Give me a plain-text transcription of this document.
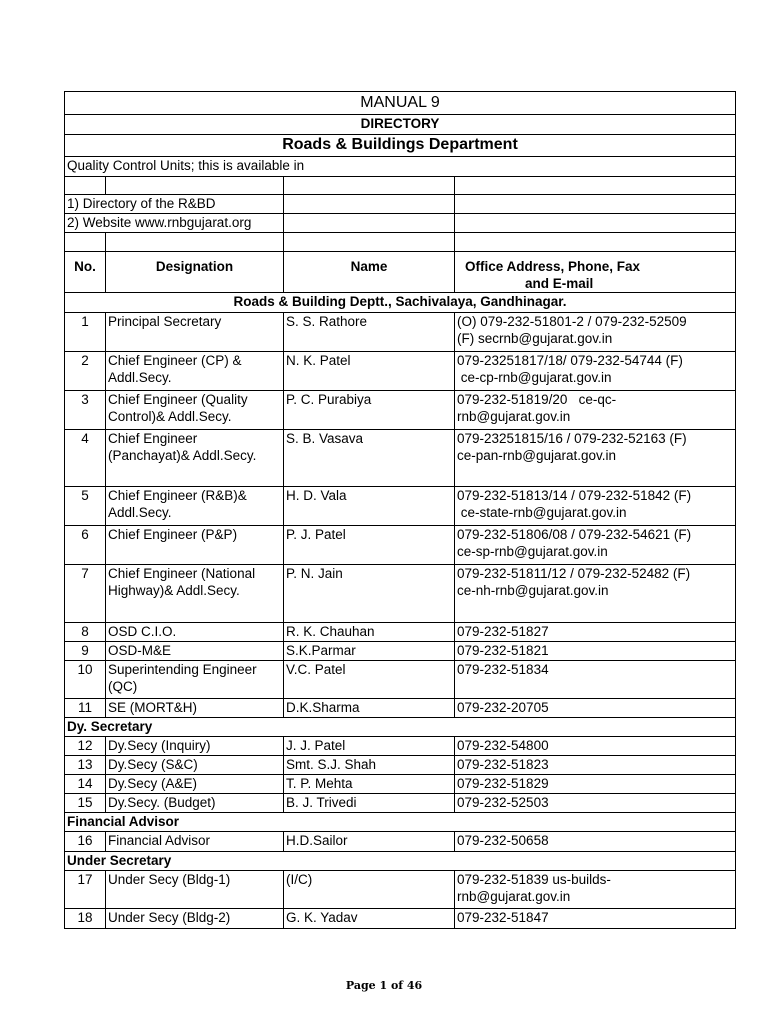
MANUAL 9			
DIRECTORY			
Roads & Buildings Department			
Quality Control Units; this is available in			

1) Directory of the R&BD			
2) Website www.rnbgujarat.org			

No.	Designation	Name	Office Address, Phone, Fax
and E-mail

Roads & Building Deptt., Sachivalaya, Gandhinagar.			
1	Principal Secretary	S. S. Rathore	(O) 079-232-51801-2 / 079-232-52509
(F) secrnb@gujarat.gov.in

2	Chief Engineer (CP) & Addl.Secy.	N. K. Patel	079-23251817/18/ 079-232-54744 (F)
ce-cp-rnb@gujarat.gov.in

3	Chief Engineer (Quality Control)& Addl.Secy.	P. C. Purabiya	079-232-51819/20   ce-qc-
rnb@gujarat.gov.in

4	Chief Engineer (Panchayat)& Addl.Secy.	S. B. Vasava	079-23251815/16 / 079-232-52163 (F)
ce-pan-rnb@gujarat.gov.in

5	Chief Engineer (R&B)& Addl.Secy.	H. D. Vala	079-232-51813/14 / 079-232-51842 (F)
ce-state-rnb@gujarat.gov.in

6	Chief Engineer (P&P)	P. J. Patel	079-232-51806/08 / 079-232-54621 (F)
ce-sp-rnb@gujarat.gov.in

7	Chief Engineer (National Highway)& Addl.Secy.	P. N. Jain	079-232-51811/12 / 079-232-52482 (F)
ce-nh-rnb@gujarat.gov.in

8	OSD C.I.O.	R. K. Chauhan	079-232-51827

9	OSD-M&E	S.K.Parmar	079-232-51821

10	Superintending Engineer (QC)	V.C. Patel	079-232-51834

11	SE (MORT&H)	D.K.Sharma	079-232-20705

Dy. Secretary			
12	Dy.Secy (Inquiry)	J. J. Patel	079-232-54800

13	Dy.Secy (S&C)	Smt. S.J. Shah	079-232-51823

14	Dy.Secy (A&E)	T. P. Mehta	079-232-51829

15	Dy.Secy. (Budget)	B. J. Trivedi	079-232-52503

Financial Advisor			
16	Financial Advisor	H.D.Sailor	079-232-50658

Under Secretary			
17	Under Secy (Bldg-1)	(I/C)	079-232-51839 us-builds-
rnb@gujarat.gov.in

18	Under Secy (Bldg-2)	G. K. Yadav	079-232-51847
Page 1 of 46
